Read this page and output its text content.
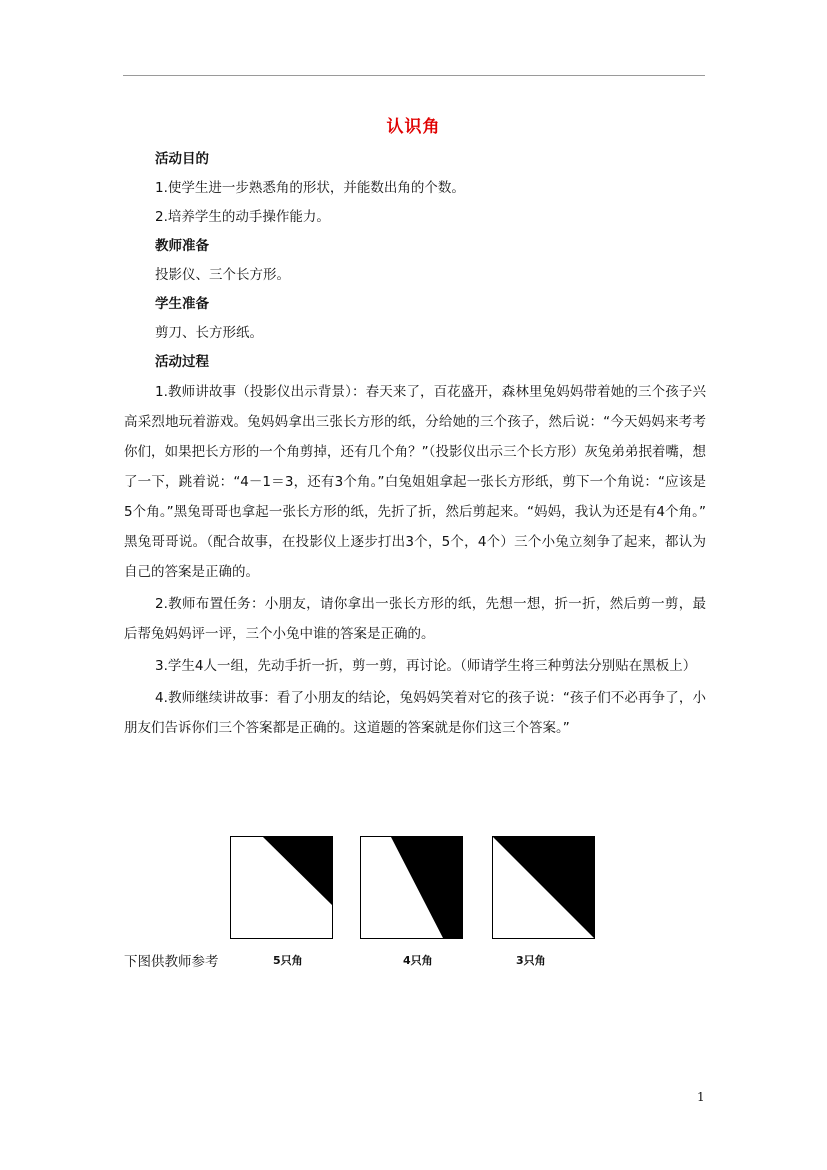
认识角

活动目的

1.使学生进一步熟悉角的形状，并能数出角的个数。

2.培养学生的动手操作能力。

教师准备

投影仪、三个长方形。

学生准备

剪刀、长方形纸。

活动过程

1.教师讲故事（投影仪出示背景）：春天来了，百花盛开，森林里兔妈妈带着她的三个孩子兴高采烈地玩着游戏。兔妈妈拿出三张长方形的纸，分给她的三个孩子，然后说：“今天妈妈来考考你们，如果把长方形的一个角剪掉，还有几个角？”（投影仪出示三个长方形）灰兔弟弟抿着嘴，想了一下，跳着说：“4－1＝3，还有3个角。”白兔姐姐拿起一张长方形纸，剪下一个角说：“应该是5个角。”黑兔哥哥也拿起一张长方形的纸，先折了折，然后剪起来。“妈妈，我认为还是有4个角。” 黑兔哥哥说。（配合故事，在投影仪上逐步打出3个，5个，4个）三个小兔立刻争了起来，都认为自己的答案是正确的。

2.教师布置任务：小朋友，请你拿出一张长方形的纸，先想一想，折一折，然后剪一剪，最后帮兔妈妈评一评，三个小兔中谁的答案是正确的。

3.学生4人一组，先动手折一折，剪一剪，再讨论。（师请学生将三种剪法分别贴在黑板上）

4.教师继续讲故事：看了小朋友的结论，兔妈妈笑着对它的孩子说：“孩子们不必再争了，小朋友们告诉你们三个答案都是正确的。这道题的答案就是你们这三个答案。”

下图供教师参考	5只角	4只角	3只角
1
